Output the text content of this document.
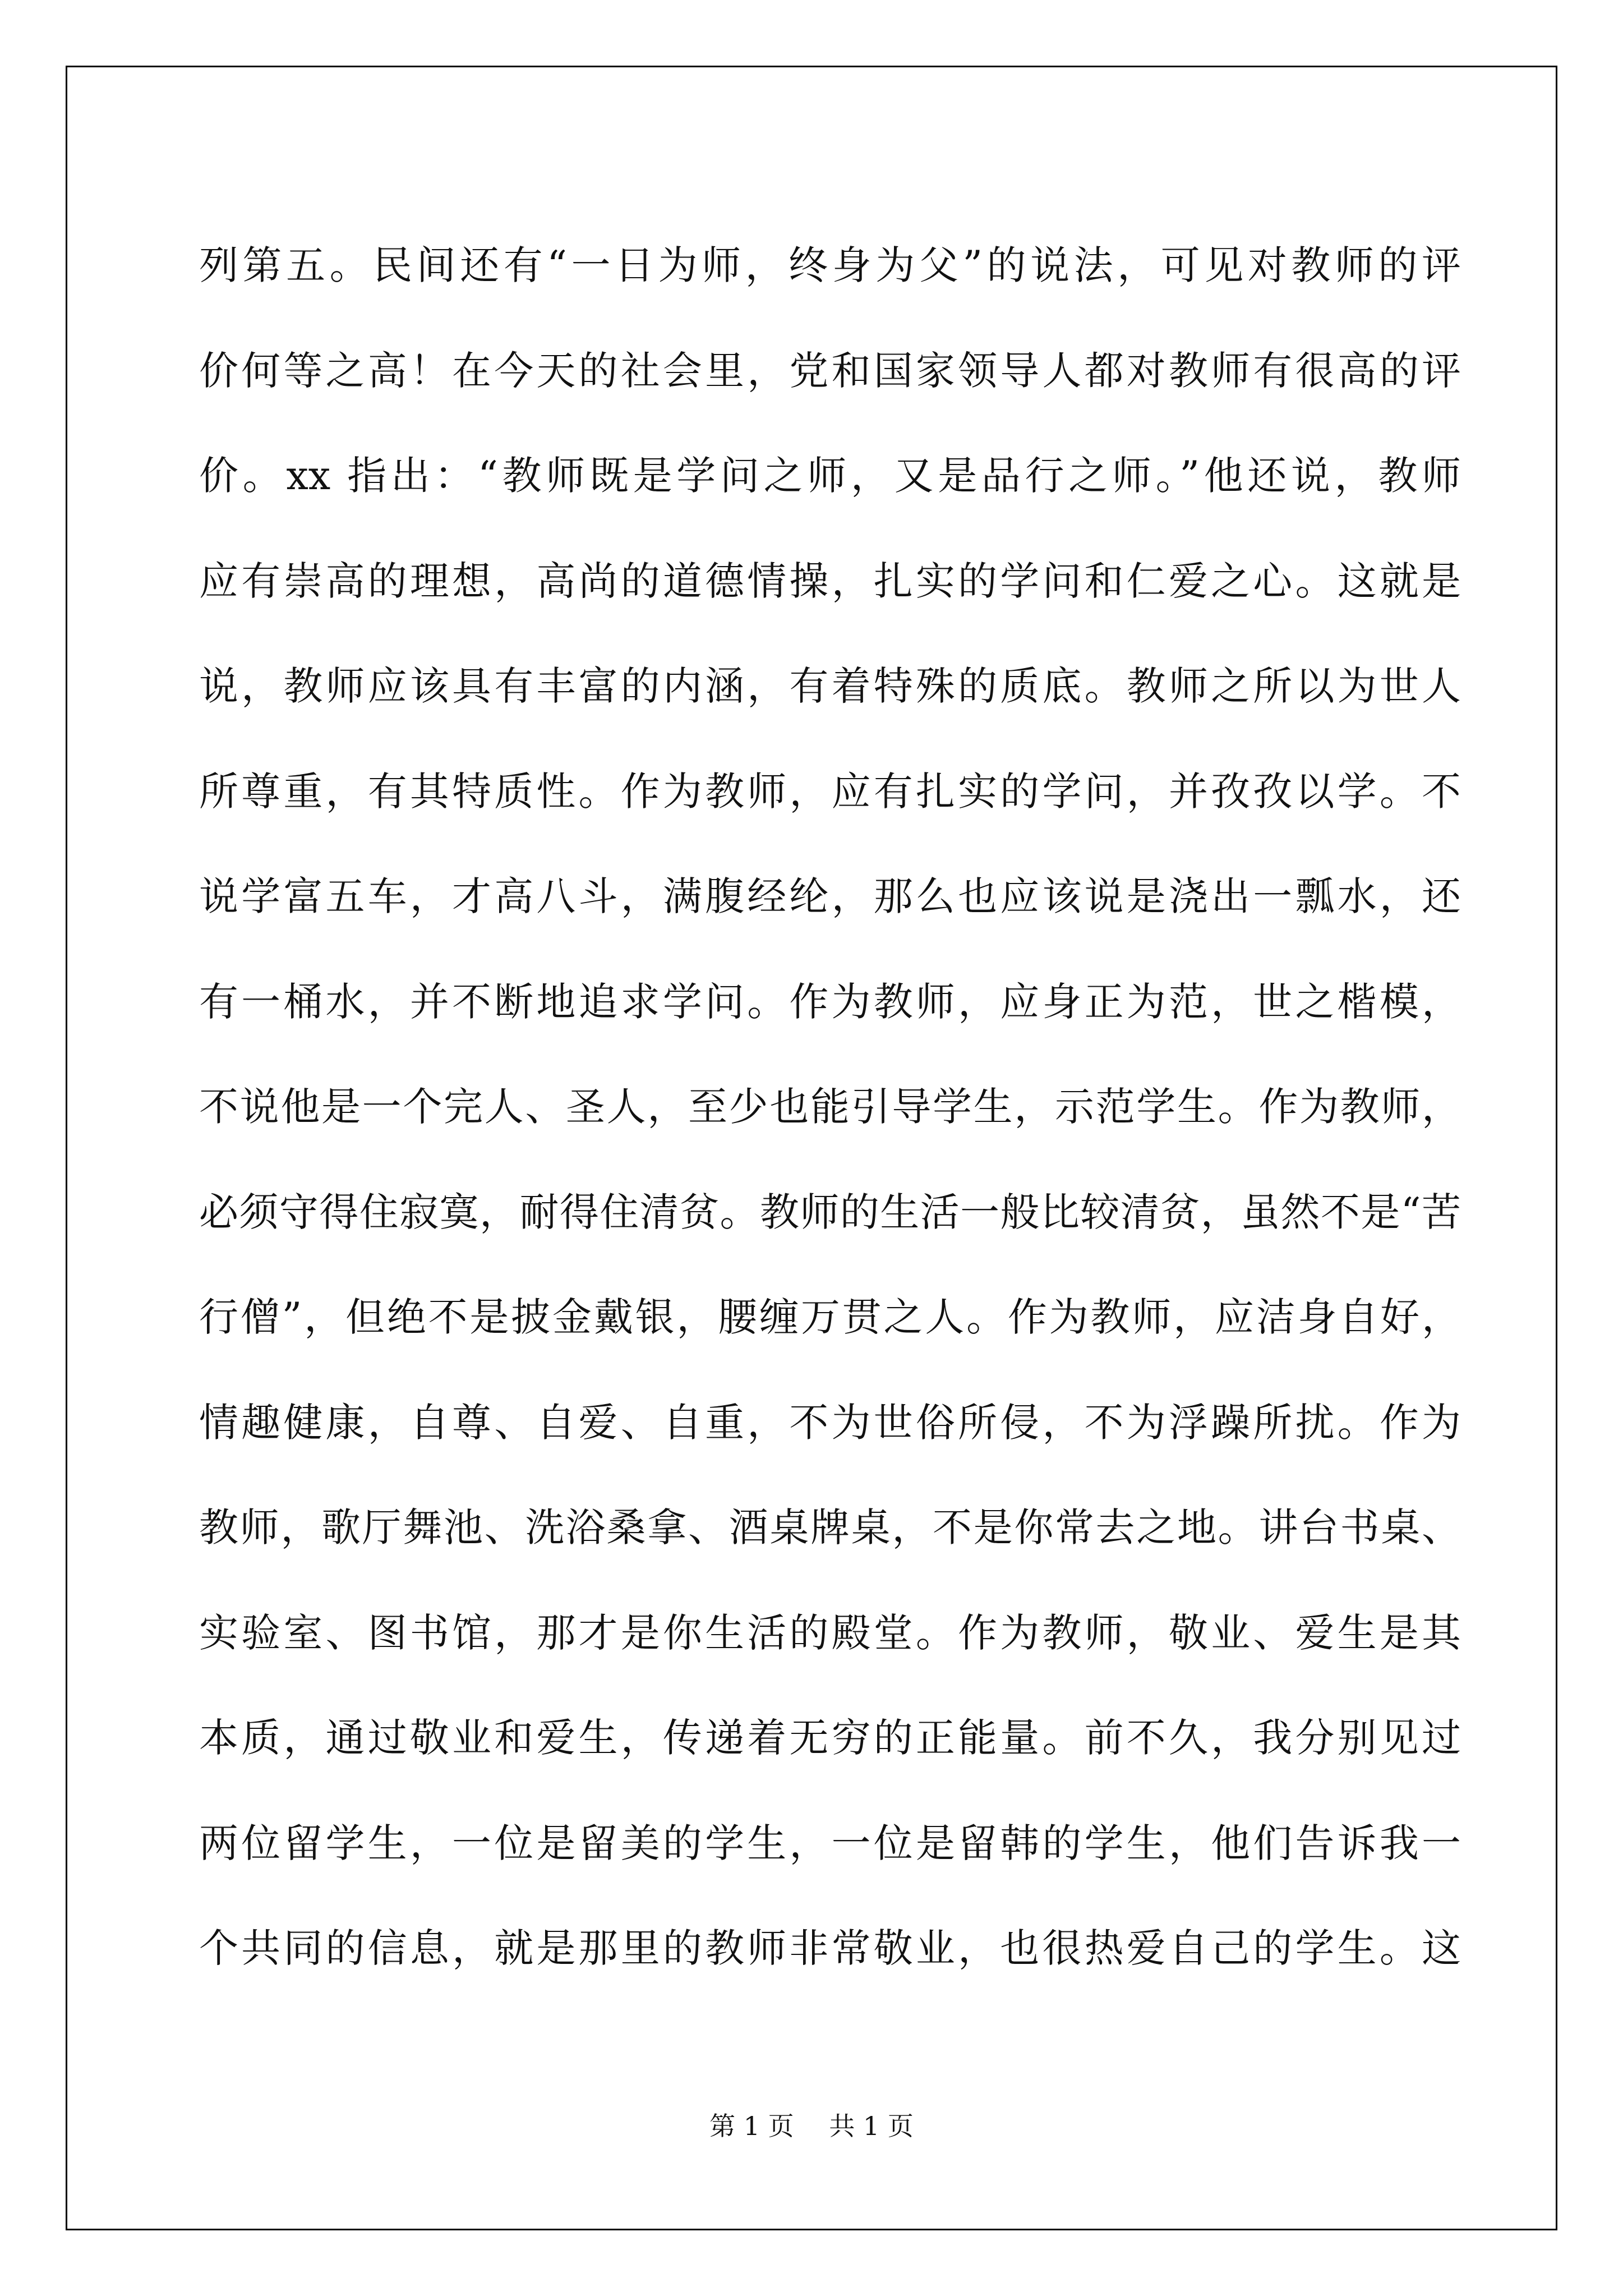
列第五。民间还有“一日为师，终身为父”的说法，可见对教师的评
价何等之高！在今天的社会里，党和国家领导人都对教师有很高的评
价。xx 指出：“教师既是学问之师，又是品行之师。”他还说，教师
应有崇高的理想，高尚的道德情操，扎实的学问和仁爱之心。这就是
说，教师应该具有丰富的内涵，有着特殊的质底。教师之所以为世人
所尊重，有其特质性。作为教师，应有扎实的学问，并孜孜以学。不
说学富五车，才高八斗，满腹经纶，那么也应该说是浇出一瓢水，还
有一桶水，并不断地追求学问。作为教师，应身正为范，世之楷模，
不说他是一个完人、圣人，至少也能引导学生，示范学生。作为教师，
必须守得住寂寞，耐得住清贫。教师的生活一般比较清贫，虽然不是“苦
行僧”，但绝不是披金戴银，腰缠万贯之人。作为教师，应洁身自好，
情趣健康，自尊、自爱、自重，不为世俗所侵，不为浮躁所扰。作为
教师，歌厅舞池、洗浴桑拿、酒桌牌桌，不是你常去之地。讲台书桌、
实验室、图书馆，那才是你生活的殿堂。作为教师，敬业、爱生是其
本质，通过敬业和爱生，传递着无穷的正能量。前不久，我分别见过
两位留学生，一位是留美的学生，一位是留韩的学生，他们告诉我一
个共同的信息，就是那里的教师非常敬业，也很热爱自己的学生。这
第 1 页 共 1 页
